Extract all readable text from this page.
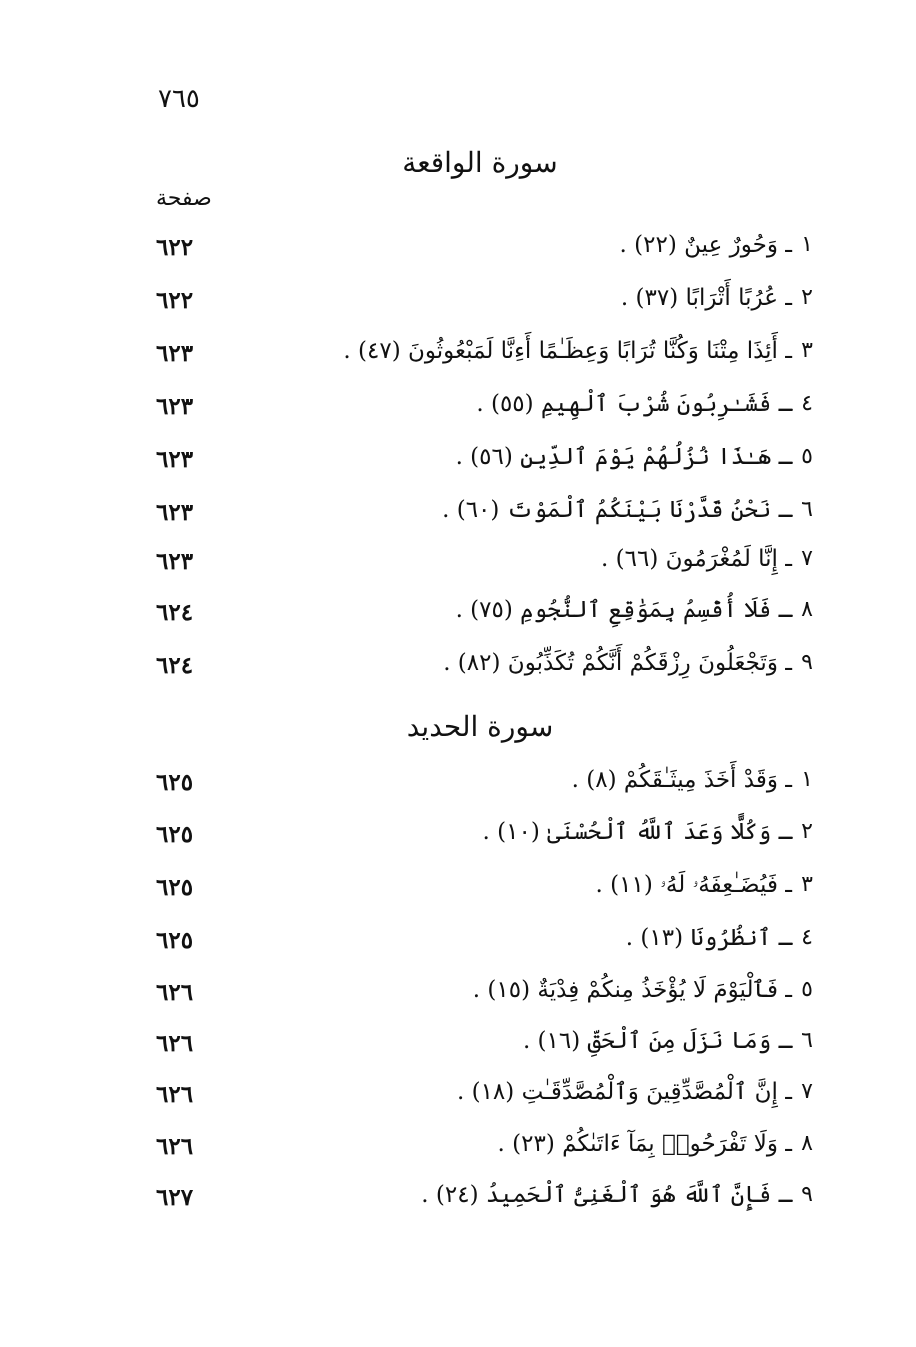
٧٦٥
سورة الواقعة
صفحة
١
ـ وَحُورٌ عِينٌ (٢٢) .
٦٢٢
٢
ـ عُرُبًا أَتْرَابًا (٣٧) .
٦٢٢
٣
ـ أَئِذَا مِتْنَا وَكُنَّا تُرَابًا وَعِظَـٰمًا أَءِنَّا لَمَبْعُوثُونَ (٤٧) .
٦٢٣
٤
ـ فَشَـٰرِبُونَ شُرْبَ ٱلْهِيمِ (٥٥) .
٦٢٣
٥
ـ هَـٰذَا نُزُلُهُمْ يَوْمَ ٱلدِّينِ (٥٦) .
٦٢٣
٦
ـ نَحْنُ قَدَّرْنَا بَيْنَكُمُ ٱلْمَوْتَ (٦٠) .
٦٢٣
٧
ـ إِنَّا لَمُغْرَمُونَ (٦٦) .
٦٢٣
٨
ـ فَلَا أُقْسِمُ بِمَوَٰقِعِ ٱلنُّجُومِ (٧٥) .
٦٢٤
٩
ـ وَتَجْعَلُونَ رِزْقَكُمْ أَنَّكُمْ تُكَذِّبُونَ (٨٢) .
٦٢٤
سورة الحديد
١
ـ وَقَدْ أَخَذَ مِيثَـٰقَكُمْ (٨) .
٦٢٥
٢
ـ وَكُلًّا وَعَدَ ٱللَّهُ ٱلْحُسْنَىٰ (١٠) .
٦٢٥
٣
ـ فَيُضَـٰعِفَهُۥ لَهُۥ (١١) .
٦٢٥
٤
ـ ٱنظُرُونَا (١٣) .
٦٢٥
٥
ـ فَٱلْيَوْمَ لَا يُؤْخَذُ مِنكُمْ فِدْيَةٌ (١٥) .
٦٢٦
٦
ـ وَمَا نَزَلَ مِنَ ٱلْحَقِّ (١٦) .
٦٢٦
٧
ـ إِنَّ ٱلْمُصَّدِّقِينَ وَٱلْمُصَّدِّقَـٰتِ (١٨) .
٦٢٦
٨
ـ وَلَا تَفْرَحُوا۟ بِمَآ ءَاتَىٰكُمْ (٢٣) .
٦٢٦
٩
ـ فَإِنَّ ٱللَّهَ هُوَ ٱلْغَنِىُّ ٱلْحَمِيدُ (٢٤) .
٦٢٧
